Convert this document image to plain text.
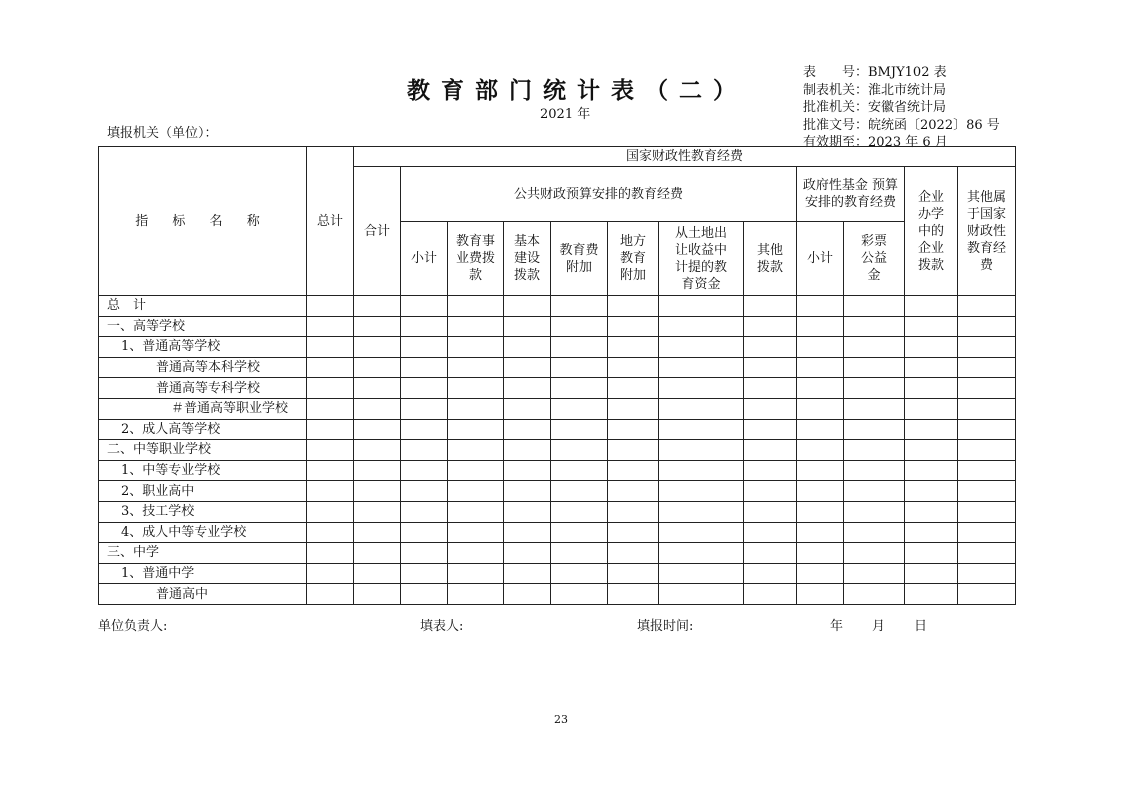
教育部门统计表（二）
2021 年
表　　号：BMJY102 表
制表机关：淮北市统计局
批准机关：安徽省统计局
批准文号：皖统函〔2022〕86 号
有效期至：2023 年 6 月
填报机关（单位）：
指 标 名 称	总计	国家财政性教育经费											
		合计	公共财政预算安排的教育经费							政府性基金 预算安排的教育经费		企业办学中的企业拨款	其他属于国家财政性教育经费
			小计	教育事业费拨款	基本建设拨款	教育费附加	地方教育附加	从土地出让收益中计提的教育资金	其他拨款	小计	彩票公益金		
总　计													
一、高等学校													
1、普通高等学校													
普通高等本科学校													
普通高等专科学校													
＃普通高等职业学校													
2、成人高等学校													
二、中等职业学校													
1、中等专业学校													
2、职业高中													
3、技工学校													
4、成人中等专业学校													
三、中学													
1、普通中学													
普通高中													
单位负责人:	填表人:	填报时间:	年 月 日
23
